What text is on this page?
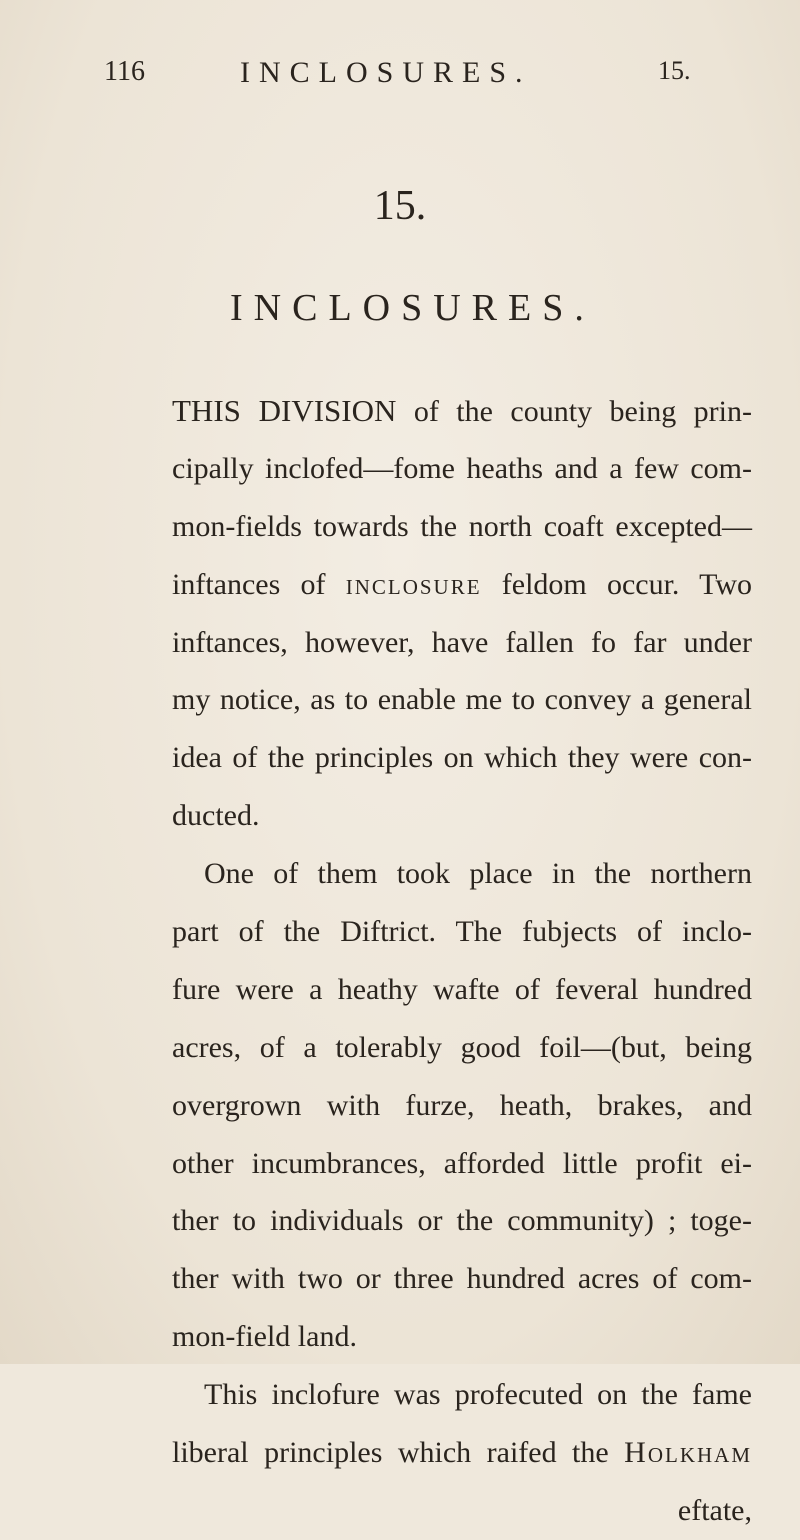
116	INCLOSURES.	15.
15.
INCLOSURES.
THIS DIVISION of the county being prin-
cipally inclofed—fome heaths and a few com-
mon-fields towards the north coaft excepted—
inftances of inclosure feldom occur. Two
inftances, however, have fallen fo far under
my notice, as to enable me to convey a general
idea of the principles on which they were con-
ducted.
One of them took place in the northern
part of the Diftrict. The fubjects of inclo-
fure were a heathy wafte of feveral hundred
acres, of a tolerably good foil—(but, being
overgrown with furze, heath, brakes, and
other incumbrances, afforded little profit ei-
ther to individuals or the community) ; toge-
ther with two or three hundred acres of com-
mon-field land.
This inclofure was profecuted on the fame
liberal principles which raifed the Holkham
eftate,
